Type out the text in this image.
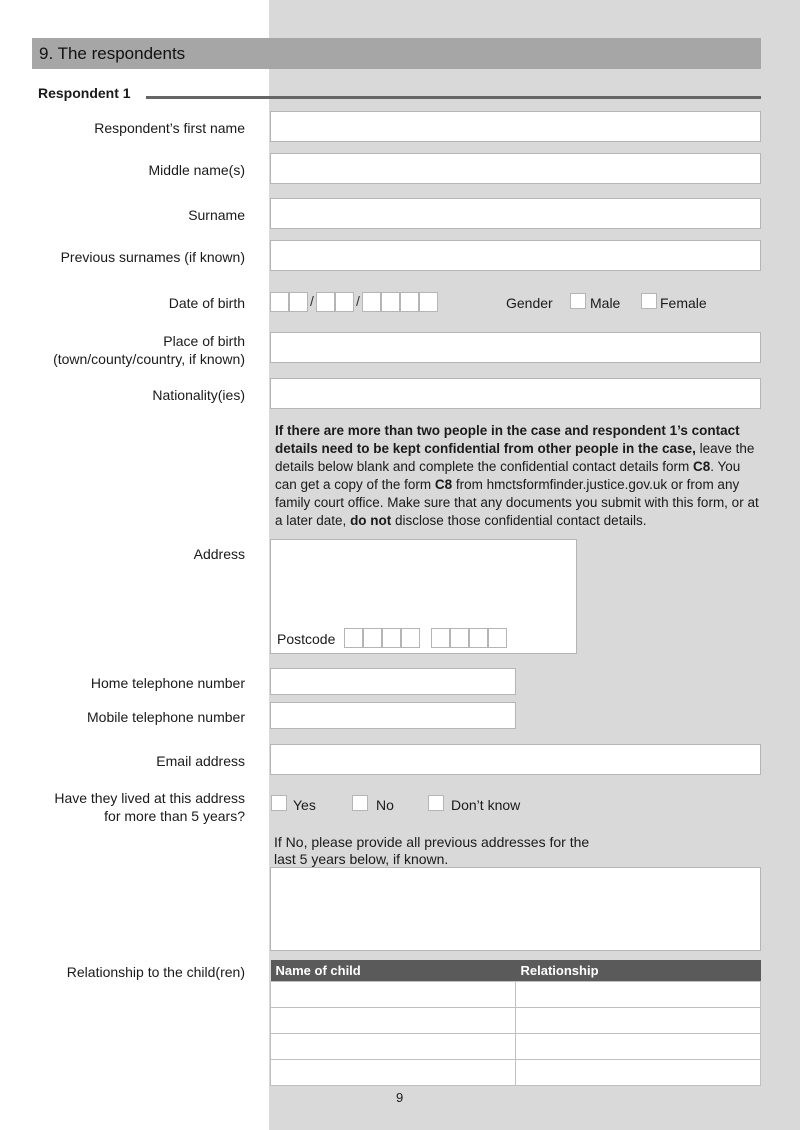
9. The respondents
Respondent 1
Respondent’s first name
Middle name(s)
Surname
Previous surnames (if known)
Date of birth	/	/	Gender	Male	Female
Place of birth
(town/county/country, if known)
Nationality(ies)
If there are more than two people in the case and respondent 1’s contact details need to be kept confidential from other people in the case, leave the details below blank and complete the confidential contact details form C8. You can get a copy of the form C8 from hmctsformfinder.justice.gov.uk or from any family court office. Make sure that any documents you submit with this form, or at a later date, do not disclose those confidential contact details.
Address
Postcode
Home telephone number
Mobile telephone number
Email address
Have they lived at this address
for more than 5 years?
Yes	No	Don’t know
If No, please provide all previous addresses for the
last 5 years below, if known.
Relationship to the child(ren) Name of child	Relationship

9
